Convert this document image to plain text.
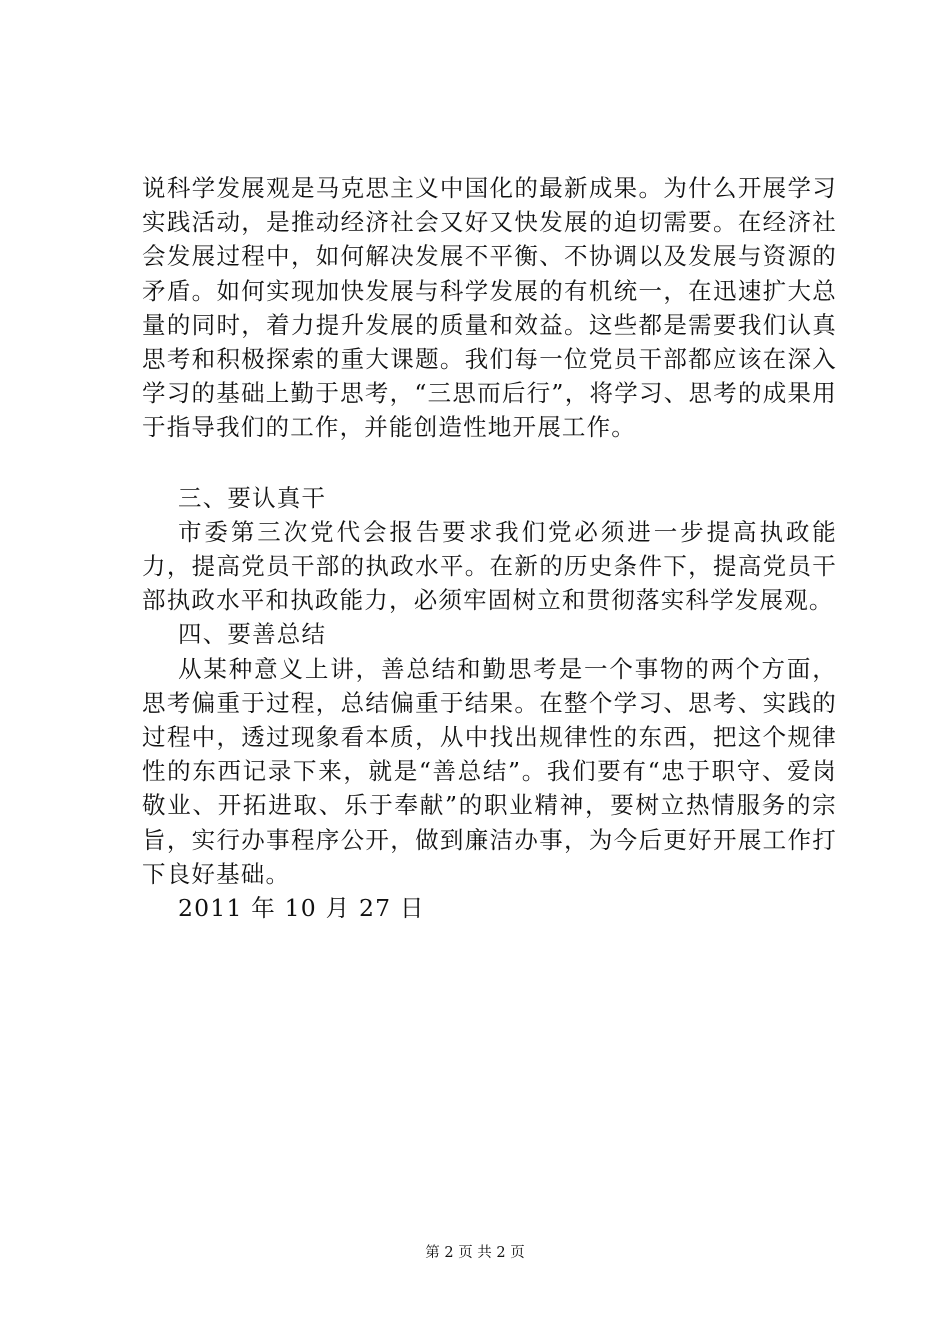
说科学发展观是马克思主义中国化的最新成果。为什么开展学习实践活动，是推动经济社会又好又快发展的迫切需要。在经济社会发展过程中，如何解决发展不平衡、不协调以及发展与资源的矛盾。如何实现加快发展与科学发展的有机统一，在迅速扩大总量的同时，着力提升发展的质量和效益。这些都是需要我们认真思考和积极探索的重大课题。我们每一位党员干部都应该在深入学习的基础上勤于思考，“三思而后行”，将学习、思考的成果用于指导我们的工作，并能创造性地开展工作。

三、要认真干

市委第三次党代会报告要求我们党必须进一步提高执政能力，提高党员干部的执政水平。在新的历史条件下，提高党员干部执政水平和执政能力，必须牢固树立和贯彻落实科学发展观。

四、要善总结

从某种意义上讲，善总结和勤思考是一个事物的两个方面，思考偏重于过程，总结偏重于结果。在整个学习、思考、实践的过程中，透过现象看本质，从中找出规律性的东西，把这个规律性的东西记录下来，就是“善总结”。我们要有“忠于职守、爱岗敬业、开拓进取、乐于奉献”的职业精神，要树立热情服务的宗旨，实行办事程序公开，做到廉洁办事，为今后更好开展工作打下良好基础。

2011 年 10 月 27 日

第 2 页 共 2 页
